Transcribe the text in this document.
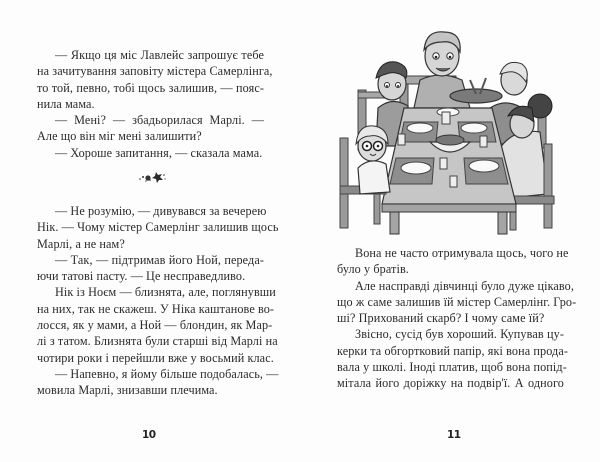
— Якщо ця міс Лавлейс запрошує тебе
на зачитування заповіту містера Самерлінга,
то той, певно, тобі щось залишив, — пояс-
нила мама.
— Мені? — збадьорилася Марлі. —
Але що він міг мені залишити?
— Хороше запитання, — сказала мама.
— Не розумію, — дивувався за вечерею
Нік. — Чому містер Самерлінг залишив щось
Марлі, а не нам?
— Так, — підтримав його Ной, переда-
ючи татові пасту. — Це несправедливо.
Нік із Ноєм — близнята, але, поглянувши
на них, так не скажеш. У Ніка каштанове во-
лосся, як у мами, а Ной — блондин, як Мар-
лі з татом. Близнята були старші від Марлі на
чотири роки і перейшли вже у восьмий клас.
— Напевно, я йому більше подобалась, —
мовила Марлі, знизавши плечима.
10
Вона не часто отримувала щось, чого не
було у братів.
Але насправді дівчинці було дуже цікаво,
що ж саме залишив їй містер Самерлінг. Гро-
ші? Прихований скарб? І чому саме їй?
Звісно, сусід був хороший. Купував цу-
керки та обгортковий папір, які вона прода-
вала у школі. Іноді платив, щоб вона попід-
мітала його доріжку на подвір'ї. А одного
11
